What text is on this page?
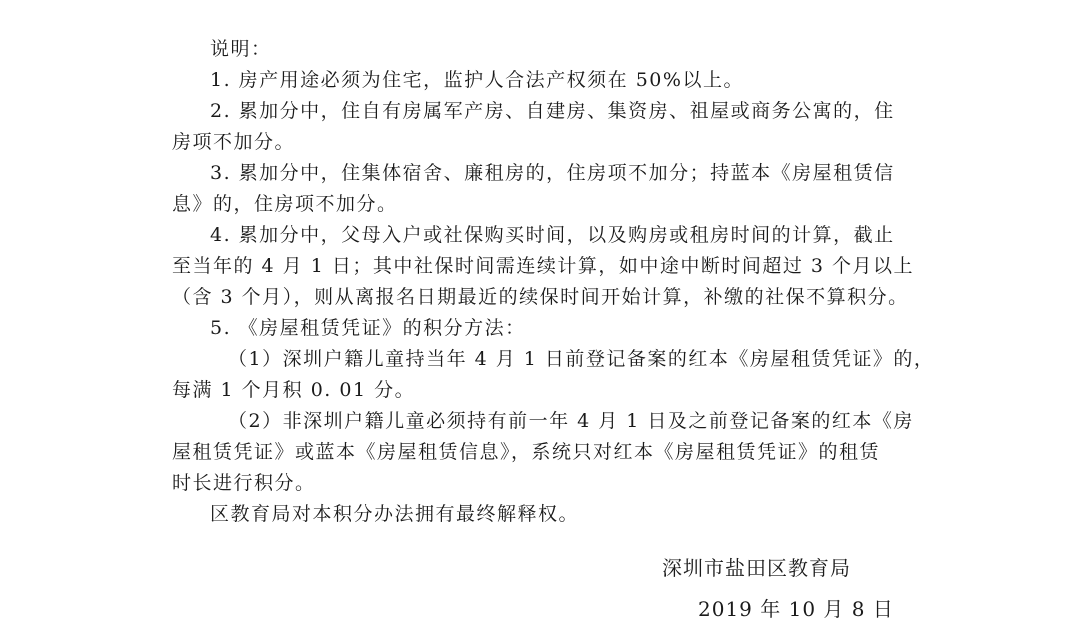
说明：
1. 房产用途必须为住宅，监护人合法产权须在 50%以上。
2. 累加分中，住自有房属军产房、自建房、集资房、祖屋或商务公寓的，住
房项不加分。
3. 累加分中，住集体宿舍、廉租房的，住房项不加分；持蓝本《房屋租赁信
息》的，住房项不加分。
4. 累加分中，父母入户或社保购买时间，以及购房或租房时间的计算，截止
至当年的 4 月 1 日；其中社保时间需连续计算，如中途中断时间超过 3 个月以上
（含 3 个月），则从离报名日期最近的续保时间开始计算，补缴的社保不算积分。
5. 《房屋租赁凭证》的积分方法：
（1）深圳户籍儿童持当年 4 月 1 日前登记备案的红本《房屋租赁凭证》的，
每满 1 个月积 0. 01 分。
（2）非深圳户籍儿童必须持有前一年 4 月 1 日及之前登记备案的红本《房
屋租赁凭证》或蓝本《房屋租赁信息》，系统只对红本《房屋租赁凭证》的租赁
时长进行积分。
区教育局对本积分办法拥有最终解释权。
深圳市盐田区教育局
2019 年 10 月 8 日
